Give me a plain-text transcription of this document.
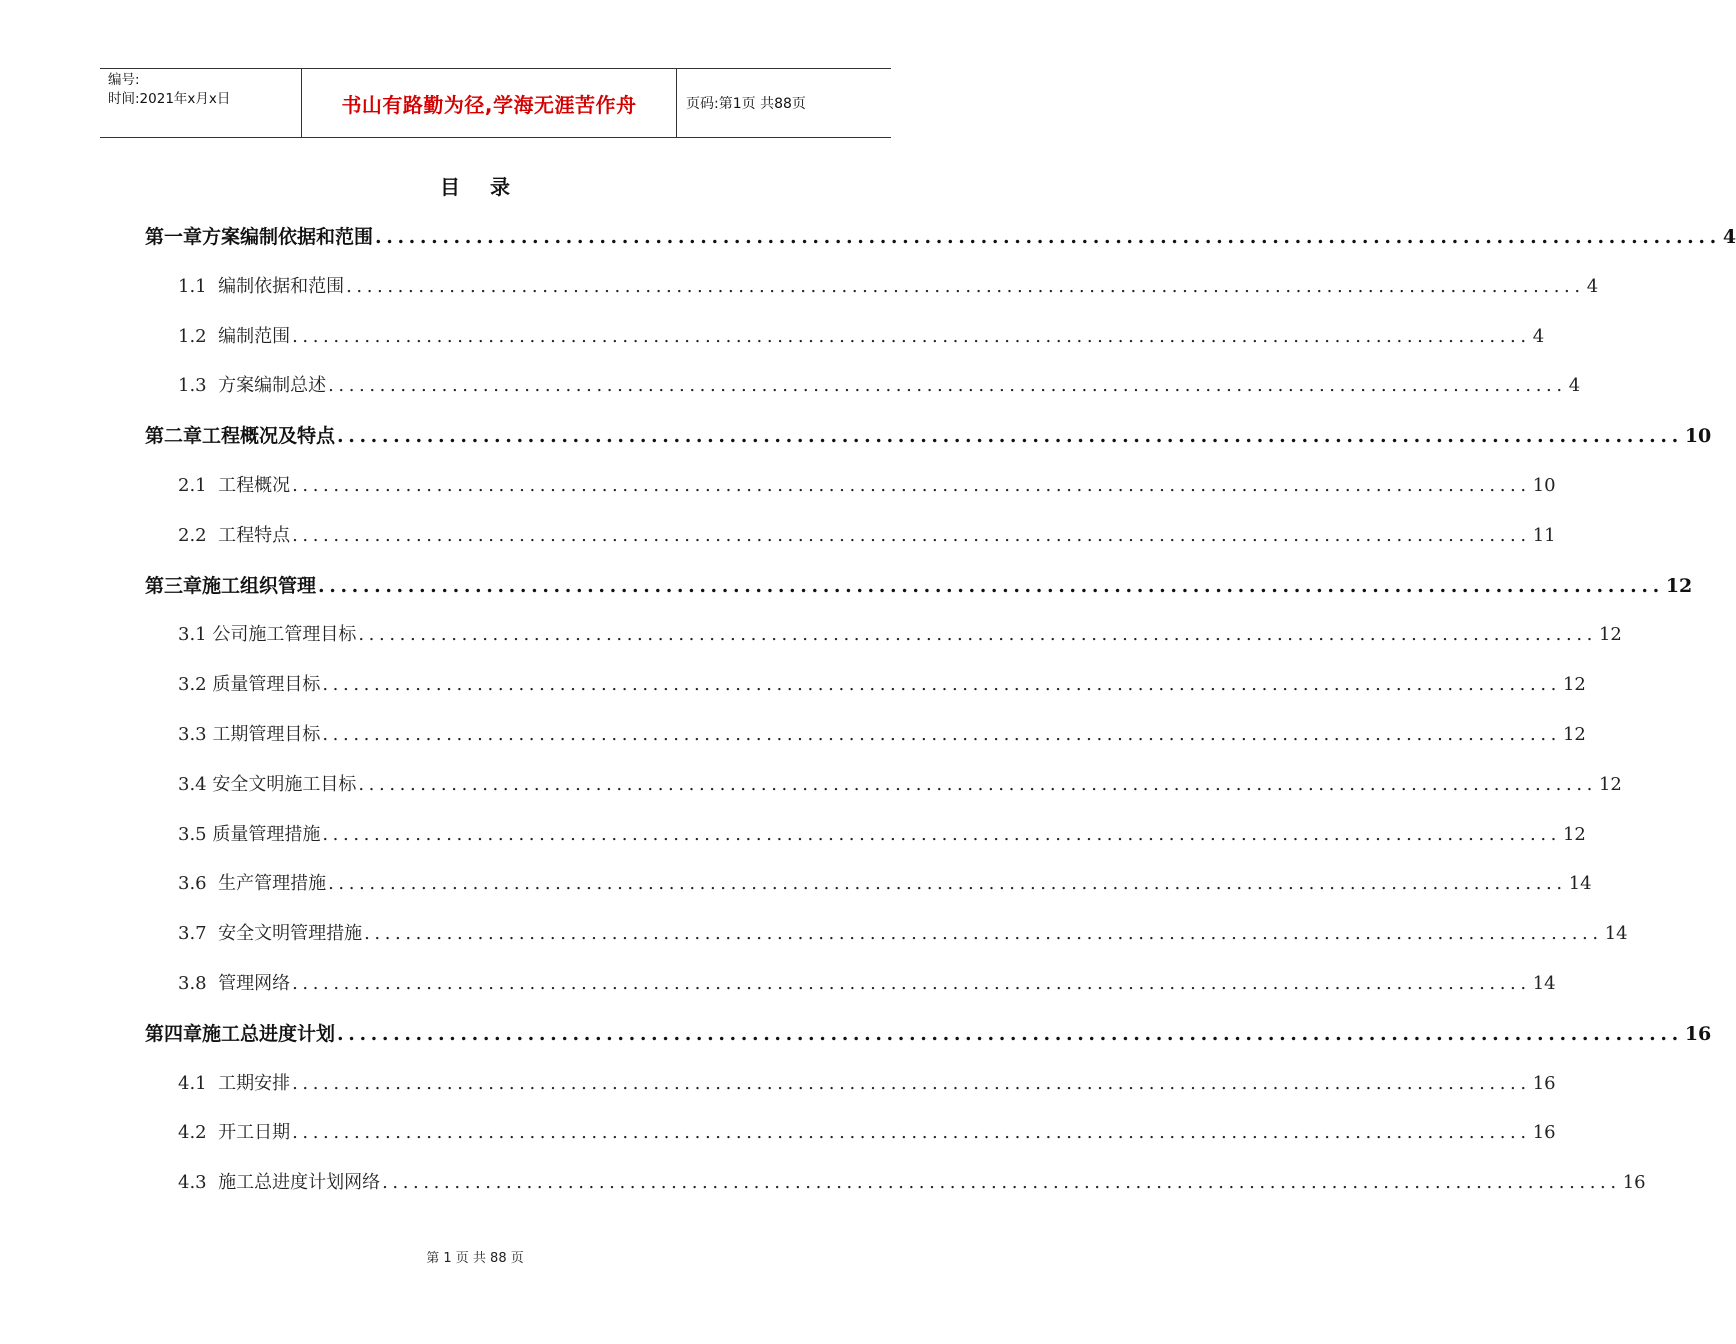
编号:
时间:2021年x月x日	书山有路勤为径,学海无涯苦作舟	页码:第1页 共88页
目 录
第一章 方案编制依据和范围 ........................................................................................................................ 4
1.1 编制依据和范围 ........................................................................................................................ 4
1.2 编制范围 ........................................................................................................................ 4
1.3 方案编制总述 ........................................................................................................................ 4
第二章 工程概况及特点 ........................................................................................................................ 10
2.1 工程概况 ........................................................................................................................ 10
2.2 工程特点 ........................................................................................................................ 11
第三章 施工组织管理 ........................................................................................................................ 12
3.1 公司施工管理目标 ........................................................................................................................ 12
3.2 质量管理目标 ........................................................................................................................ 12
3.3 工期管理目标 ........................................................................................................................ 12
3.4 安全文明施工目标 ........................................................................................................................ 12
3.5 质量管理措施 ........................................................................................................................ 12
3.6 生产管理措施 ........................................................................................................................ 14
3.7 安全文明管理措施 ........................................................................................................................ 14
3.8 管理网络 ........................................................................................................................ 14
第四章 施工总进度计划 ........................................................................................................................ 16
4.1 工期安排 ........................................................................................................................ 16
4.2 开工日期 ........................................................................................................................ 16
4.3 施工总进度计划网络 ........................................................................................................................ 16
第 1 页 共 88 页
